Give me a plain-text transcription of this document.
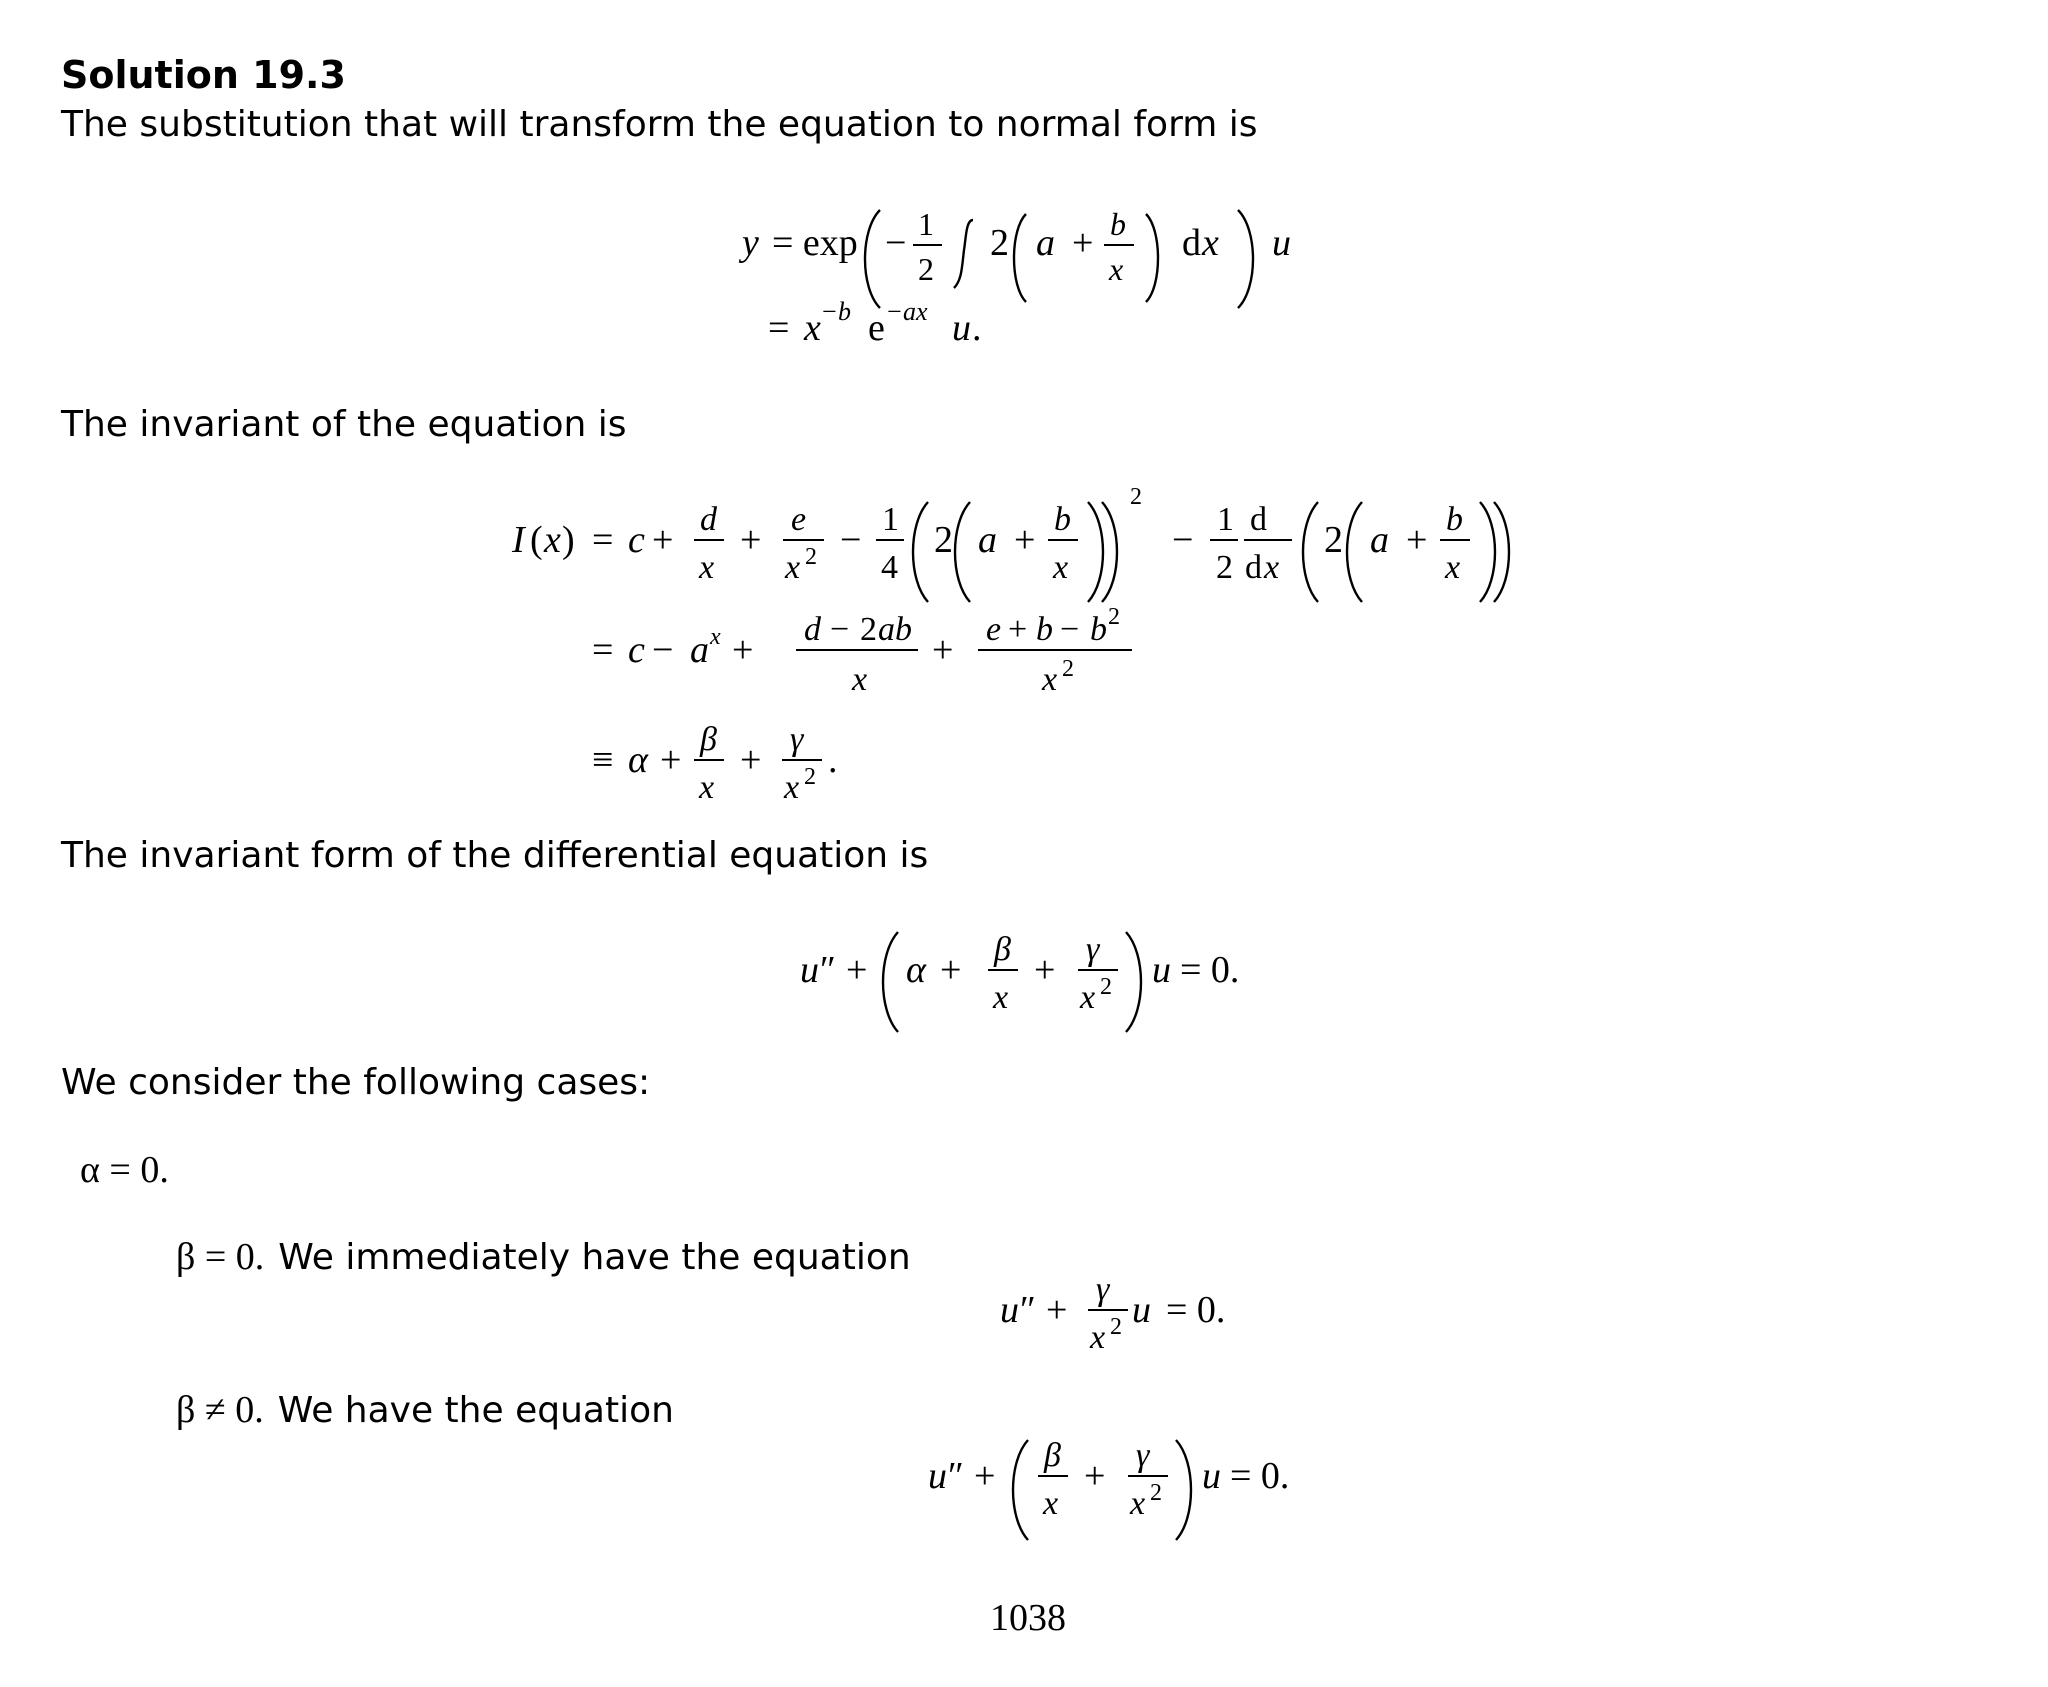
Solution 19.3
The substitution that will transform the equation to normal form is
y = exp − 1
2
2 a + b
x
d x u
= x − b e − ax u .
The invariant of the equation is
I ( x ) = c + d
x
+ e
x 2 − 1
4
2 a + b
x
2
− 1
2
d
d x
2 a + b
x
= c − a x + d − 2 ab
x
+ e + b − b 2
x 2
≡ α + β
x
+ γ
x 2 .
The invariant form of the differential equation is
u ″ + α + β
x
+ γ
x 2 u = 0.
We consider the following cases:
α = 0.
β = 0. We immediately have the equation
u ″ + γ
x 2 u = 0.
β ≠ 0. We have the equation
u ″ + β
x
+ γ
x 2 u = 0.
1038
